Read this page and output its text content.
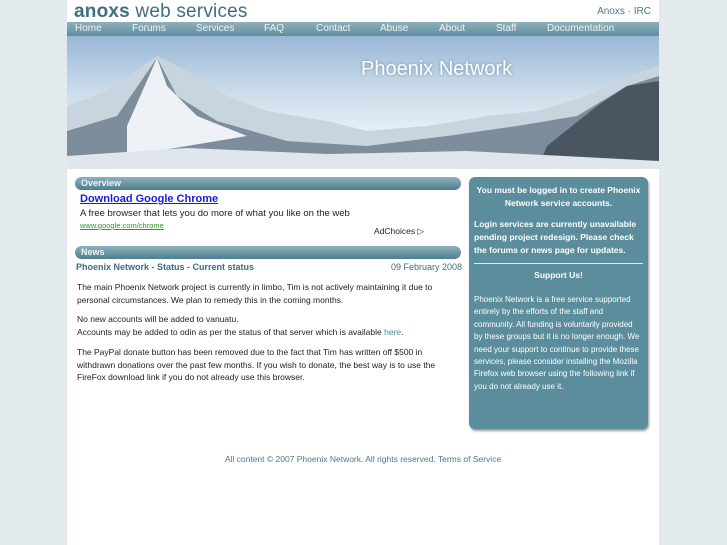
anoxs web services	Anoxs · IRC
Home	Forums	Services	FAQ	Contact	Abuse	About	Staff	Documentation
Phoenix Network
Overview
Download Google Chrome
A free browser that lets you do more of what you like on the web
www.google.com/chrome
AdChoices ▷
News
Phoenix Network - Status - Current status	09 February 2008
The main Phoenix Network project is currently in limbo, Tim is not actively maintaining it due to personal circumstances. We plan to remedy this in the coming months.
No new accounts will be added to vanuatu.
Accounts may be added to odin as per the status of that server which is available here.
The PayPal donate button has been removed due to the fact that Tim has written off $500 in withdrawn donations over the past few months. If you wish to donate, the best way is to use the FireFox download link if you do not already use this browser.
You must be logged in to create Phoenix Network service accounts.
Login services are currently unavailable pending project redesign. Please check the forums or news page for updates.
Support Us!
Phoenix Network is a free service supported entirely by the efforts of the staff and community. All funding is voluntarily provided by these groups but it is no longer enough. We need your support to continue to provide these services, please consider installing the Mozilla Firefox web browser using the following link if you do not already use it.
All content © 2007 Phoenix Network. All rights reserved. Terms of Service
